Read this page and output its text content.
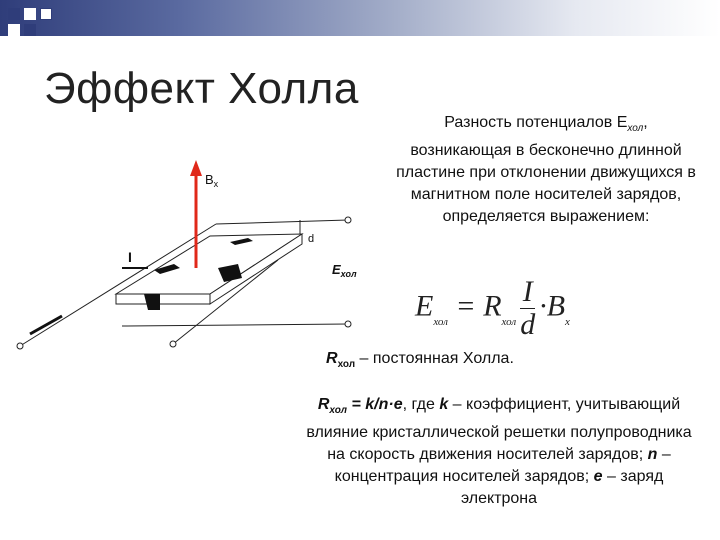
Эффект Холла
$B_x$
I
d
$E_{хол}$
Разность потенциалов $E_{хол}$, возникающая в бесконечно длинной пластине при отклонении движущихся в магнитном поле носителей зарядов, определяется выражением:
$E_{хол} = R_{хол} \frac{I}{d} \cdot B_x$
$R_{хол}$ – постоянная Холла.
$R_{хол} = k/n\cdot e$, где k – коэффициент, учитывающий влияние кристаллической решетки полупроводника на скорость движения носителей зарядов; n – концентрация носителей зарядов; e – заряд электрона
